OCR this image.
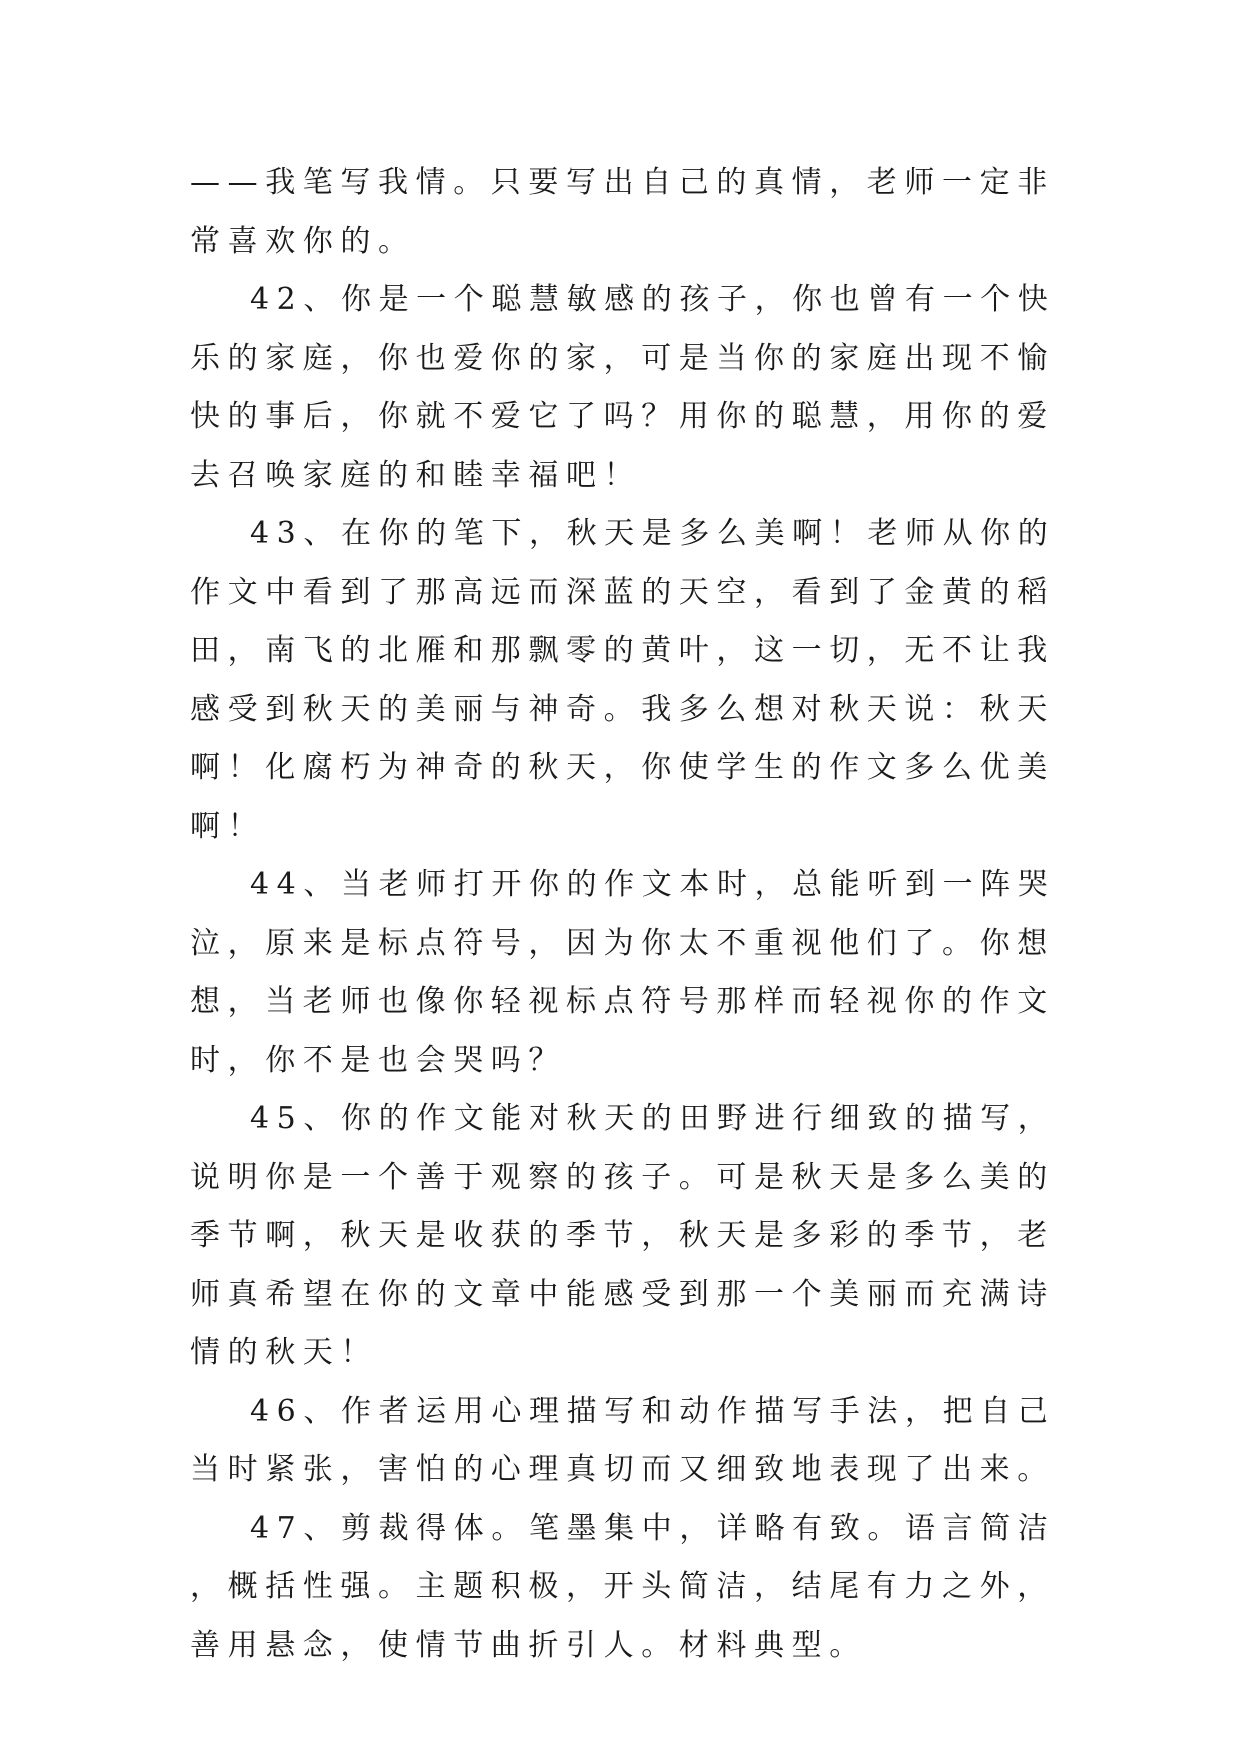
——我笔写我情。只要写出自己的真情，老师一定非常喜欢你的。

42、你是一个聪慧敏感的孩子，你也曾有一个快乐的家庭，你也爱你的家，可是当你的家庭出现不愉快的事后，你就不爱它了吗？用你的聪慧，用你的爱去召唤家庭的和睦幸福吧！

43、在你的笔下，秋天是多么美啊！老师从你的作文中看到了那高远而深蓝的天空，看到了金黄的稻田，南飞的北雁和那飘零的黄叶，这一切，无不让我感受到秋天的美丽与神奇。我多么想对秋天说：秋天啊！化腐朽为神奇的秋天，你使学生的作文多么优美啊！

44、当老师打开你的作文本时，总能听到一阵哭泣，原来是标点符号，因为你太不重视他们了。你想想，当老师也像你轻视标点符号那样而轻视你的作文时，你不是也会哭吗？

45、你的作文能对秋天的田野进行细致的描写，说明你是一个善于观察的孩子。可是秋天是多么美的季节啊，秋天是收获的季节，秋天是多彩的季节，老师真希望在你的文章中能感受到那一个美丽而充满诗情的秋天！

46、作者运用心理描写和动作描写手法，把自己当时紧张，害怕的心理真切而又细致地表现了出来。

47、剪裁得体。笔墨集中，详略有致。语言简洁，概括性强。主题积极，开头简洁，结尾有力之外，善用悬念，使情节曲折引人。材料典型。
